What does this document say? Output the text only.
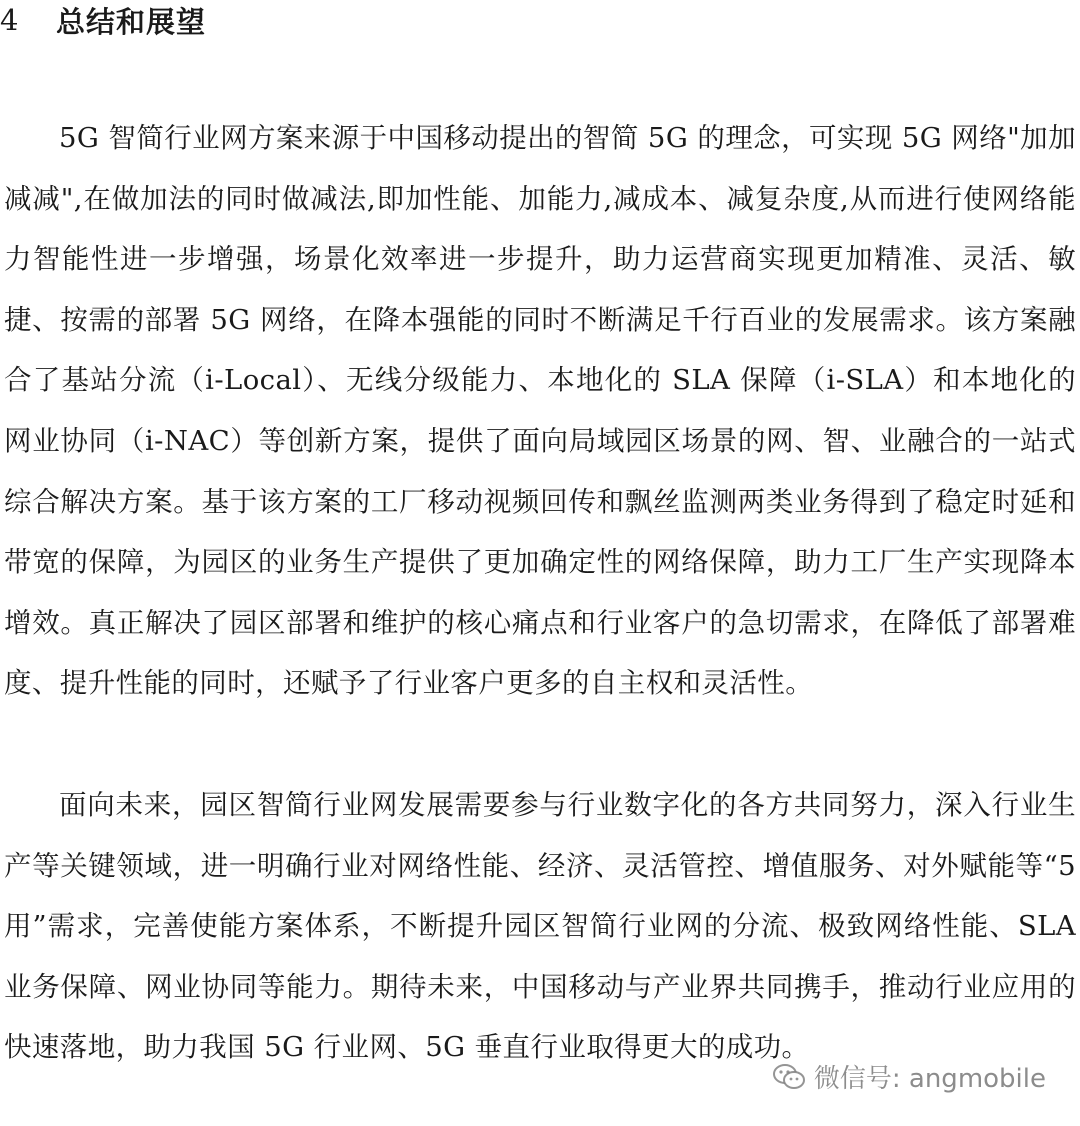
4	总结和展望

5G 智简行业网方案来源于中国移动提出的智简 5G 的理念，可实现 5G 网络"加加减减",在做加法的同时做减法,即加性能、加能力,减成本、减复杂度,从而进行使网络能力智能性进一步增强，场景化效率进一步提升，助力运营商实现更加精准、灵活、敏捷、按需的部署 5G 网络，在降本强能的同时不断满足千行百业的发展需求。该方案融合了基站分流（i-Local）、无线分级能力、本地化的 SLA 保障（i-SLA）和本地化的网业协同（i-NAC）等创新方案，提供了面向局域园区场景的网、智、业融合的一站式综合解决方案。基于该方案的工厂移动视频回传和飘丝监测两类业务得到了稳定时延和带宽的保障，为园区的业务生产提供了更加确定性的网络保障，助力工厂生产实现降本增效。真正解决了园区部署和维护的核心痛点和行业客户的急切需求，在降低了部署难度、提升性能的同时，还赋予了行业客户更多的自主权和灵活性。

面向未来，园区智简行业网发展需要参与行业数字化的各方共同努力，深入行业生产等关键领域，进一明确行业对网络性能、经济、灵活管控、增值服务、对外赋能等“5 用”需求，完善使能方案体系，不断提升园区智简行业网的分流、极致网络性能、SLA 业务保障、网业协同等能力。期待未来，中国移动与产业界共同携手，推动行业应用的快速落地，助力我国 5G 行业网、5G 垂直行业取得更大的成功。

微信号: angmobile
